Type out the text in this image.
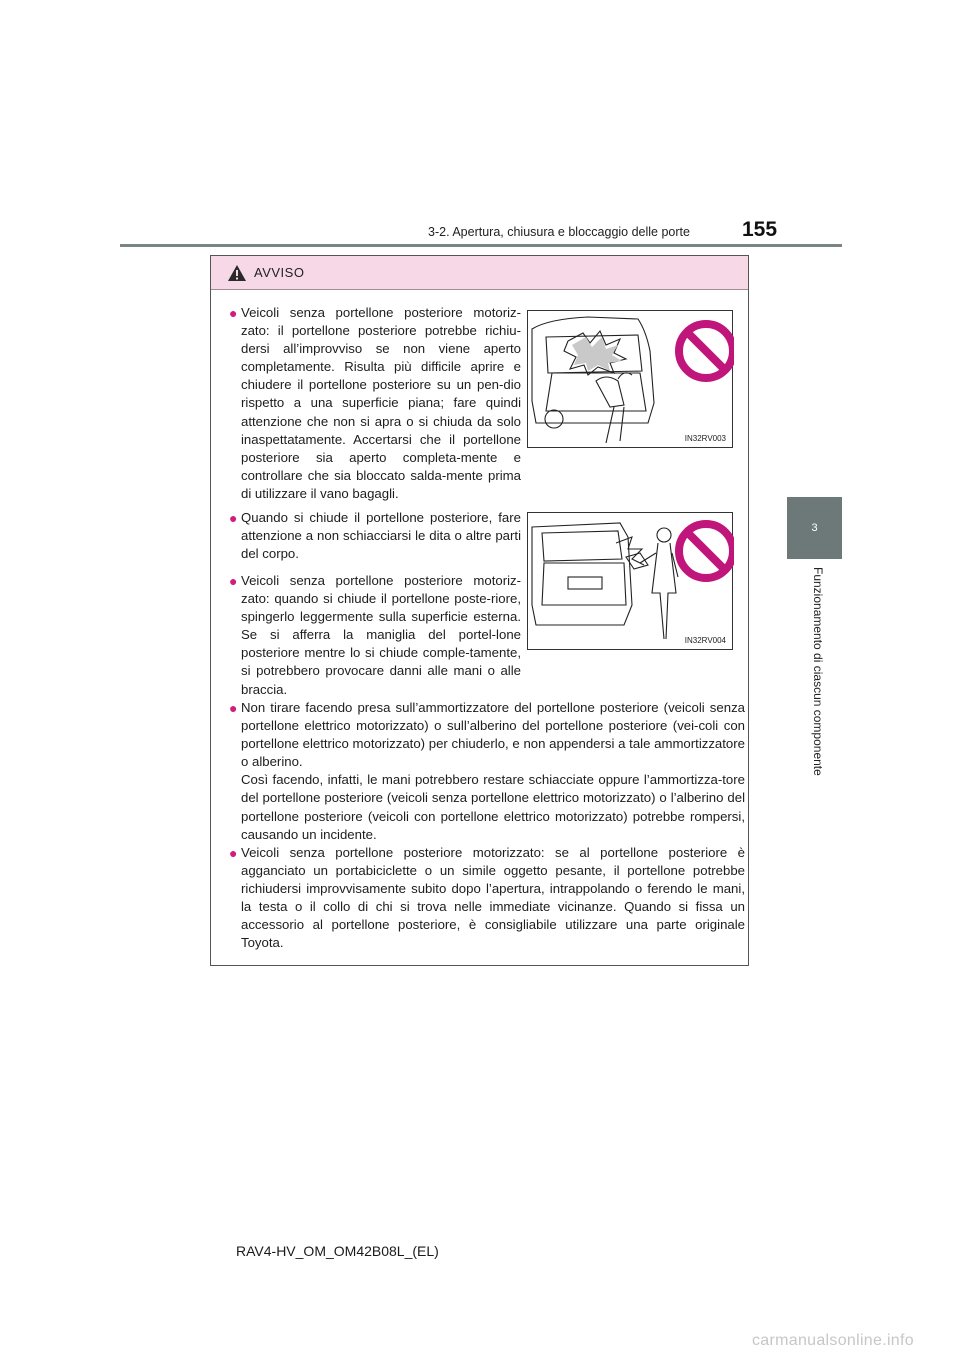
3-2. Apertura, chiusura e bloccaggio delle porte 155
3
Funzionamento di ciascun componente
AVVISO
● Veicoli senza portellone posteriore motoriz-zato: il portellone posteriore potrebbe richiu-dersi all’improvviso se non viene aperto completamente. Risulta più difficile aprire e chiudere il portellone posteriore su un pen-dio rispetto a una superficie piana; fare quindi attenzione che non si apra o si chiuda da solo inaspettatamente. Accertarsi che il portellone posteriore sia aperto completa-mente e controllare che sia bloccato salda-mente prima di utilizzare il vano bagagli.
● Quando si chiude il portellone posteriore, fare attenzione a non schiacciarsi le dita o altre parti del corpo.
● Veicoli senza portellone posteriore motoriz-zato: quando si chiude il portellone poste-riore, spingerlo leggermente sulla superficie esterna. Se si afferra la maniglia del portel-lone posteriore mentre lo si chiude comple-tamente, si potrebbero provocare danni alle mani o alle braccia.
● Non tirare facendo presa sull’ammortizzatore del portellone posteriore (veicoli senza portellone elettrico motorizzato) o sull’alberino del portellone posteriore (vei-coli con portellone elettrico motorizzato) per chiuderlo, e non appendersi a tale ammortizzatore o alberino.
Così facendo, infatti, le mani potrebbero restare schiacciate oppure l’ammortizza-tore del portellone posteriore (veicoli senza portellone elettrico motorizzato) o l’alberino del portellone posteriore (veicoli con portellone elettrico motorizzato) potrebbe rompersi, causando un incidente.
● Veicoli senza portellone posteriore motorizzato: se al portellone posteriore è agganciato un portabiciclette o un simile oggetto pesante, il portellone potrebbe richiudersi improvvisamente subito dopo l’apertura, intrappolando o ferendo le mani, la testa o il collo di chi si trova nelle immediate vicinanze. Quando si fissa un accessorio al portellone posteriore, è consigliabile utilizzare una parte originale Toyota.
IN32RV003
IN32RV004
RAV4-HV_OM_OM42B08L_(EL)
carmanualsonline.info
